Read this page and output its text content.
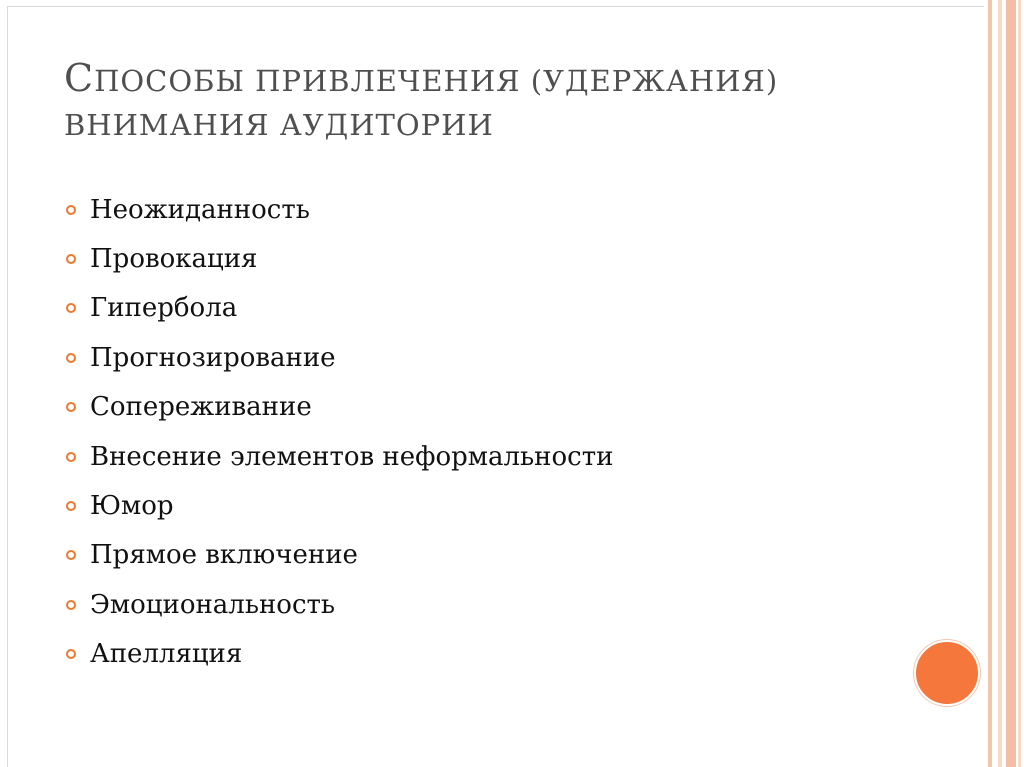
СПОСОБЫ ПРИВЛЕЧЕНИЯ (УДЕРЖАНИЯ)
ВНИМАНИЯ АУДИТОРИИ
Неожиданность
Провокация
Гипербола
Прогнозирование
Сопереживание
Внесение элементов неформальности
Юмор
Прямое включение
Эмоциональность
Апелляция
